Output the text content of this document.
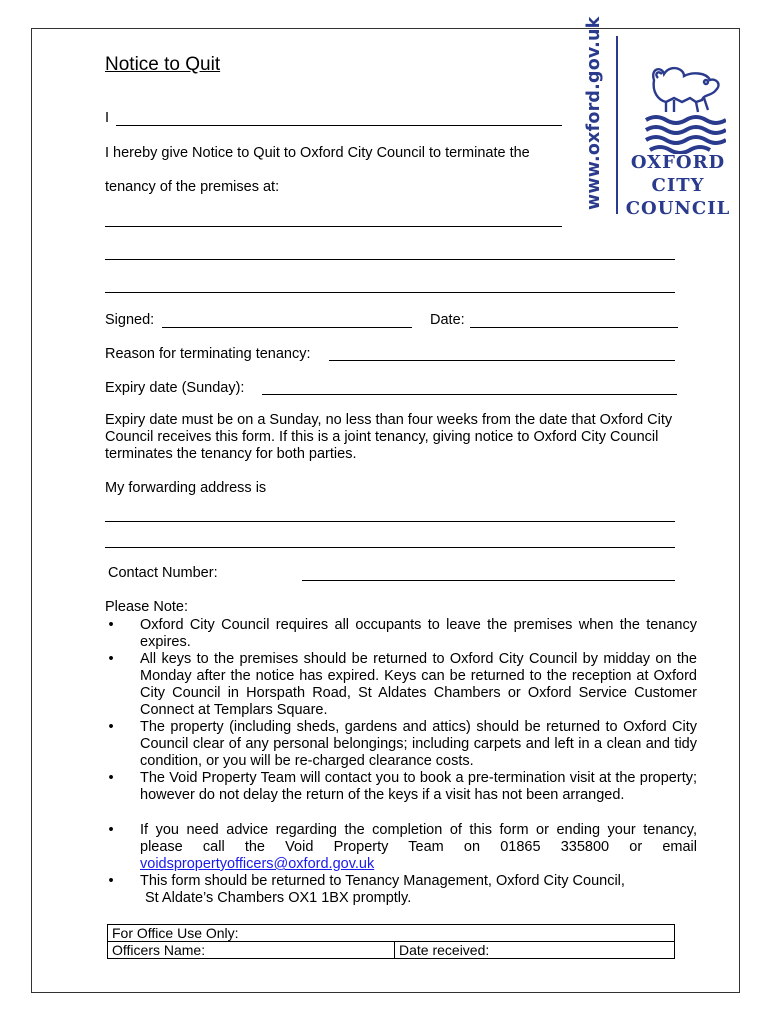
www.oxford.gov.uk	OXFORD
CITY
COUNCIL
Notice to Quit
I
I hereby give Notice to Quit to Oxford City Council to terminate the
tenancy of the premises at:
Signed:	Date:
Reason for terminating tenancy:
Expiry date (Sunday):
Expiry date must be on a Sunday, no less than four weeks from the date that Oxford City Council receives this form. If this is a joint tenancy, giving notice to Oxford City Council terminates the tenancy for both parties.
My forwarding address is
Contact Number:
Please Note:
• Oxford City Council requires all occupants to leave the premises when the tenancy expires.
• All keys to the premises should be returned to Oxford City Council by midday on the Monday after the notice has expired. Keys can be returned to the reception at Oxford City Council in Horspath Road, St Aldates Chambers or Oxford Service Customer Connect at Templars Square.
• The property (including sheds, gardens and attics) should be returned to Oxford City Council clear of any personal belongings; including carpets and left in a clean and tidy condition, or you will be re-charged clearance costs.
• The Void Property Team will contact you to book a pre-termination visit at the property; however do not delay the return of the keys if a visit has not been arranged.
• If you need advice regarding the completion of this form or ending your tenancy, please call the Void Property Team on 01865 335800 or email
voidspropertyofficers@oxford.gov.uk
• This form should be returned to Tenancy Management, Oxford City Council,
St Aldate’s Chambers OX1 1BX promptly.
For Office Use Only:
Officers Name:	Date received:
